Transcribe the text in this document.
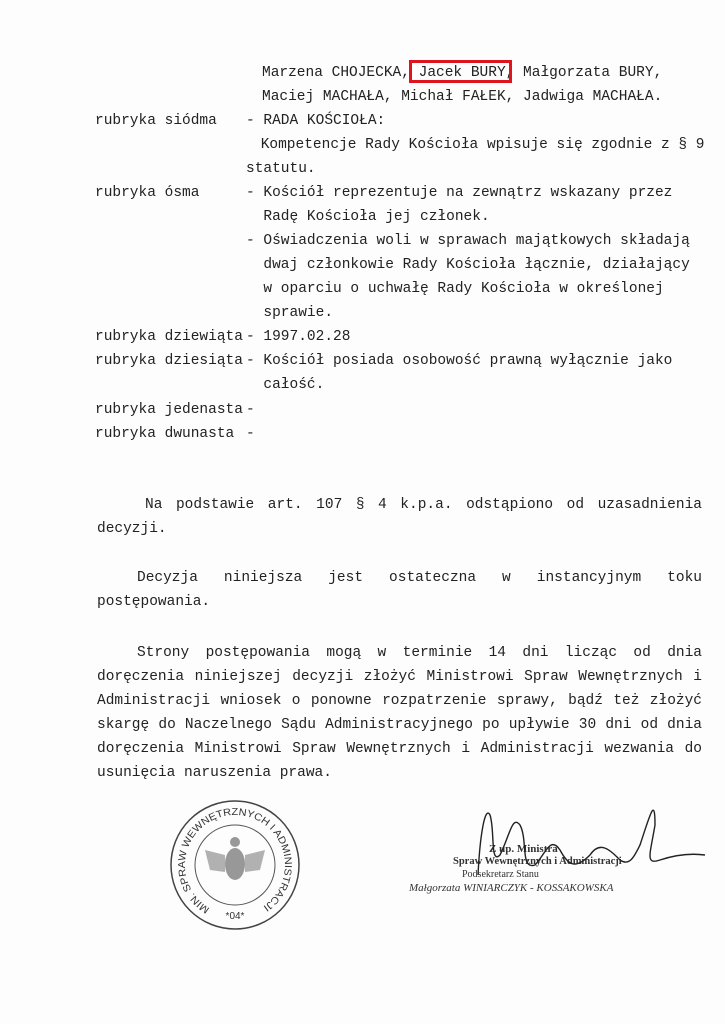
Marzena CHOJECKA, Jacek BURY, Małgorzata BURY,
Maciej MACHAŁA, Michał FAŁEK, Jadwiga MACHAŁA.
rubryka siódma - RADA KOŚCIOŁA:
Kompetencje Rady Kościoła wpisuje się zgodnie z § 9
statutu.
rubryka ósma	- Kościół reprezentuje na zewnątrz wskazany przez
Radę Kościoła jej członek.
- Oświadczenia woli w sprawach majątkowych składają
dwaj członkowie Rady Kościoła łącznie, działający
w oparciu o uchwałę Rady Kościoła w określonej
sprawie.
rubryka dziewiąta - 1997.02.28
rubryka dziesiąta - Kościół posiada osobowość prawną wyłącznie jako
całość.
rubryka jedenasta -
rubryka dwunasta -
Na podstawie art. 107 § 4 k.p.a. odstąpiono od uzasadnienia
decyzji.
Decyzja niniejsza jest ostateczna w instancyjnym toku
postępowania.
Strony postępowania mogą w terminie 14 dni licząc od dnia
doręczenia niniejszej decyzji złożyć Ministrowi Spraw Wewnętrznych i
Administracji wniosek o ponowne rozpatrzenie sprawy, bądź też złożyć
skargę do Naczelnego Sądu Administracyjnego po upływie 30 dni od dnia
doręczenia Ministrowi Spraw Wewnętrznych i Administracji wezwania do
usunięcia naruszenia prawa.
MIN. SPRAW WEWNĘTRZNYCH I ADMINISTRACJI
*04*
Z up. Ministra
Spraw Wewnętrznych i Administracji
Podsekretarz Stanu
Małgorzata WINIARCZYK - KOSSAKOWSKA
